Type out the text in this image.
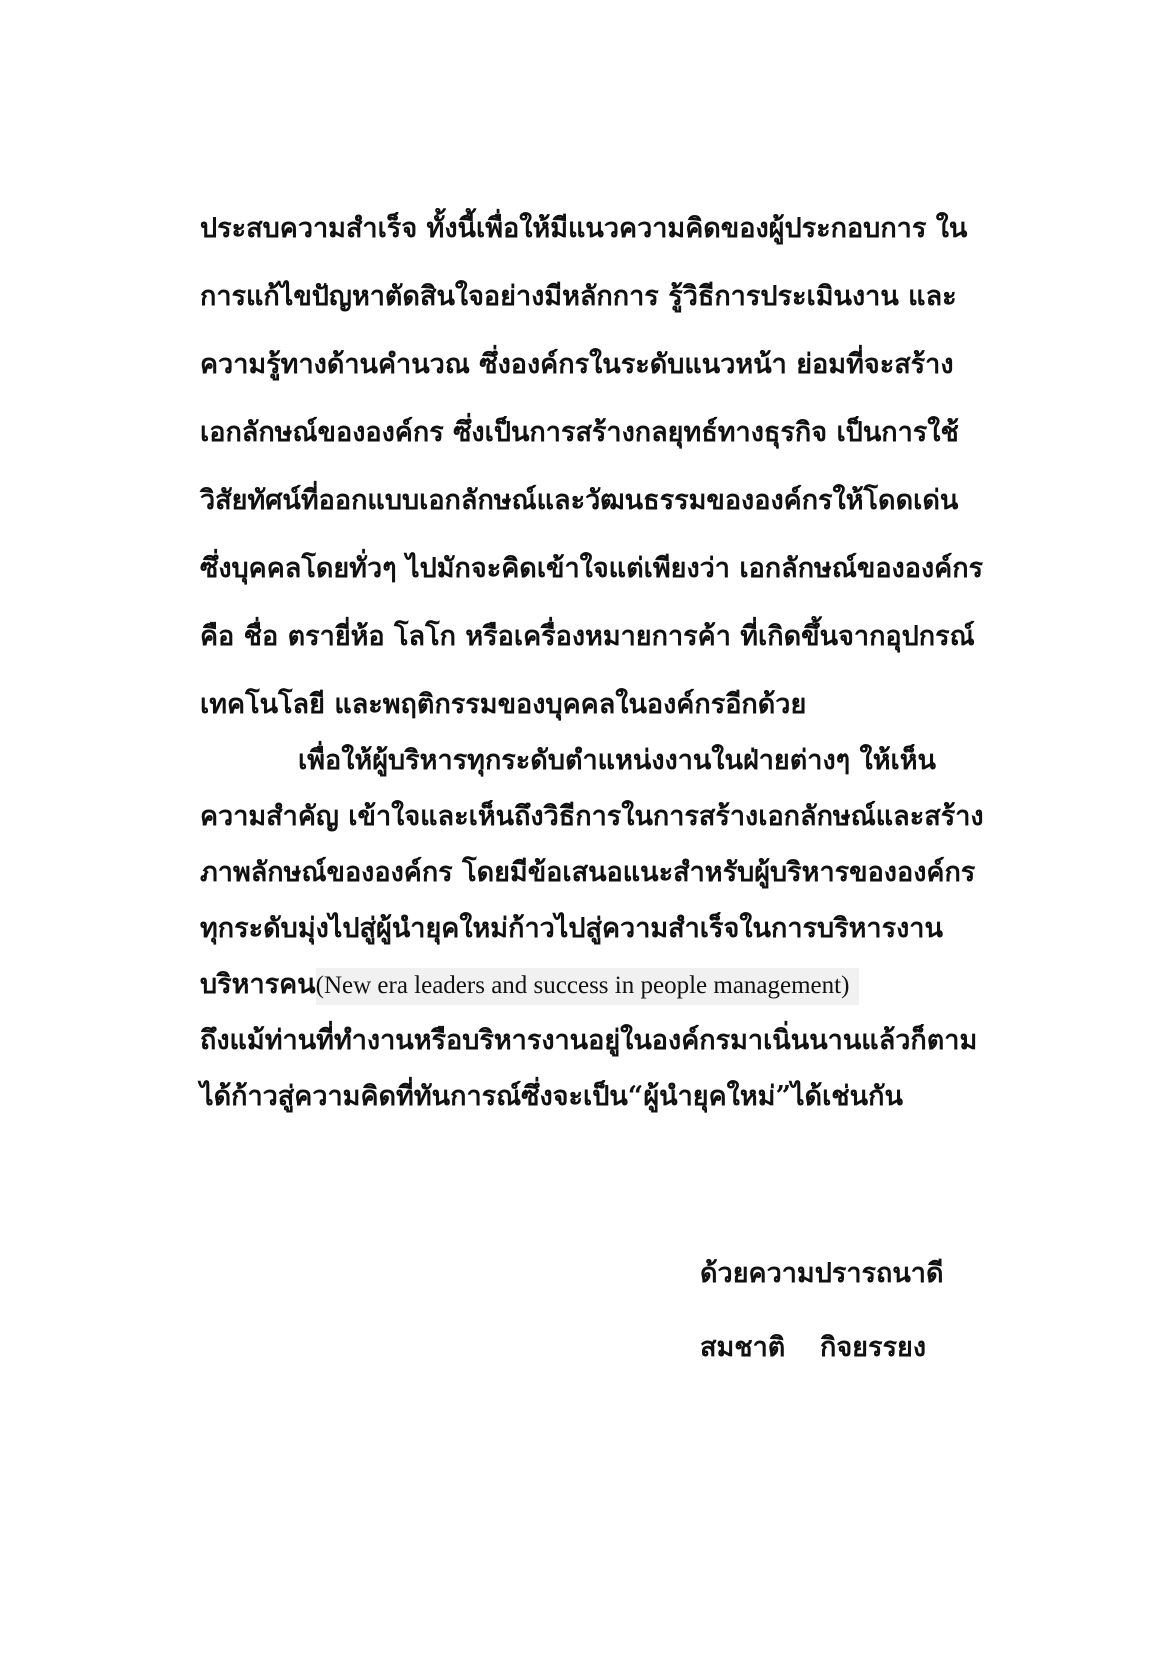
ประสบความสำเร็จ ทั้งนี้เพื่อให้มีแนวความคิดของผู้ประกอบการ ใน
การแก้ไขปัญหาตัดสินใจอย่างมีหลักการ รู้วิธีการประเมินงาน และ
ความรู้ทางด้านคำนวณ ซึ่งองค์กรในระดับแนวหน้า ย่อมที่จะสร้าง
เอกลักษณ์ขององค์กร ซึ่งเป็นการสร้างกลยุทธ์ทางธุรกิจ เป็นการใช้
วิสัยทัศน์ที่ออกแบบเอกลักษณ์และวัฒนธรรมขององค์กรให้โดดเด่น
ซึ่งบุคคลโดยทั่วๆ ไปมักจะคิดเข้าใจแต่เพียงว่า เอกลักษณ์ขององค์กร
คือ ชื่อ ตรายี่ห้อ โลโก หรือเครื่องหมายการค้า ที่เกิดขึ้นจากอุปกรณ์
เทคโนโลยี และพฤติกรรมของบุคคลในองค์กรอีกด้วย
เพื่อให้ผู้บริหารทุกระดับตำแหน่งงานในฝ่ายต่างๆ ให้เห็น
ความสำคัญ เข้าใจและเห็นถึงวิธีการในการสร้างเอกลักษณ์และสร้าง
ภาพลักษณ์ขององค์กร โดยมีข้อเสนอแนะสำหรับผู้บริหารขององค์กร
ทุกระดับมุ่งไปสู่ผู้นำยุคใหม่ก้าวไปสู่ความสำเร็จในการบริหารงาน
บริหารคน(New era leaders and success in people management)
ถึงแม้ท่านที่ทำงานหรือบริหารงานอยู่ในองค์กรมาเนิ่นนานแล้วก็ตาม
ได้ก้าวสู่ความคิดที่ทันการณ์ซึ่งจะเป็น“ผู้นำยุคใหม่”ได้เช่นกัน
ด้วยความปรารถนาดี
สมชาติ กิจยรรยง
